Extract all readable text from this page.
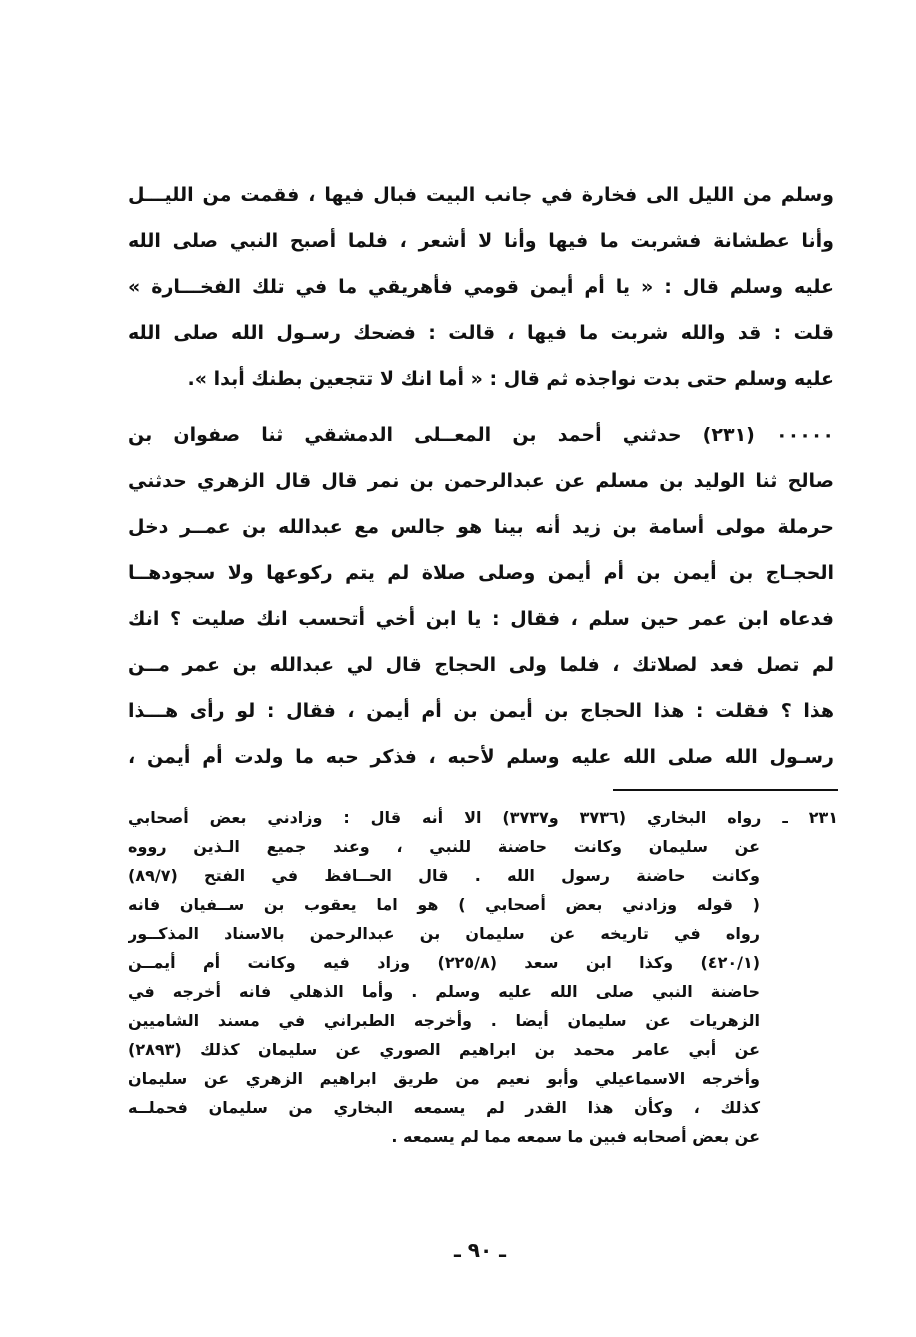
وسلم من الليل الى فخارة في جانب البيت فبال فيها ، فقمت من الليـــل
وأنا عطشانة فشربت ما فيها وأنا لا أشعر ، فلما أصبح النبي صلى الله
عليه وسلم قال : « يا أم أيمن قومي فأهريقي ما في تلك الفخـــارة »
قلت : قد والله شربت ما فيها ، قالت : فضحك رسـول الله صلى الله
عليه وسلم حتى بدت نواجذه ثم قال : « أما انك لا تتجعين بطنك أبدا ».
٠٠٠٠٠ (٢٣١) حدثني أحمد بن المعــلى الدمشقي ثنا صفوان بن
صالح ثنا الوليد بن مسلم عن عبدالرحمن بن نمر قال قال الزهري حدثني
حرملة مولى أسامة بن زيد أنه بينا هو جالس مع عبدالله بن عمــر دخل
الحجـاج بن أيمن بن أم أيمن وصلى صلاة لم يتم ركوعها ولا سجودهــا
فدعاه ابن عمر حين سلم ، فقال : يا ابن أخي أتحسب انك صليت ؟ انك
لم تصل فعد لصلاتك ، فلما ولى الحجاج قال لي عبدالله بن عمر مــن
هذا ؟ فقلت : هذا الحجاج بن أيمن بن أم أيمن ، فقال : لو رأى هـــذا
رسـول الله صلى الله عليه وسلم لأحبه ، فذكر حبه ما ولدت أم أيمن ،
٢٣١ ـ رواه البخاري (٣٧٣٦ و٣٧٣٧) الا أنه قال : وزادني بعض أصحابي
عن سليمان وكانت حاضنة للنبي ، وعند جميع الـذين رووه
وكانت حاضنة رسول الله . قال الحــافظ في الفتح (٨٩/٧)
( قوله وزادني بعض أصحابي ) هو اما يعقوب بن ســفيان فانه
رواه في تاريخه عن سليمان بن عبدالرحمن بالاسناد المذكــور
(٤٢٠/١) وكذا ابن سعد (٢٢٥/٨) وزاد فيه وكانت أم أيمــن
حاضنة النبي صلى الله عليه وسلم . وأما الذهلي فانه أخرجه في
الزهريات عن سليمان أيضا . وأخرجه الطبراني في مسند الشاميين
عن أبي عامر محمد بن ابراهيم الصوري عن سليمان كذلك (٢٨٩٣)
وأخرجه الاسماعيلي وأبو نعيم من طريق ابراهيم الزهري عن سليمان
كذلك ، وكأن هذا القدر لم يسمعه البخاري من سليمان فحملــه
عن بعض أصحابه فبين ما سمعه مما لم يسمعه .
ـ ٩٠ ـ
